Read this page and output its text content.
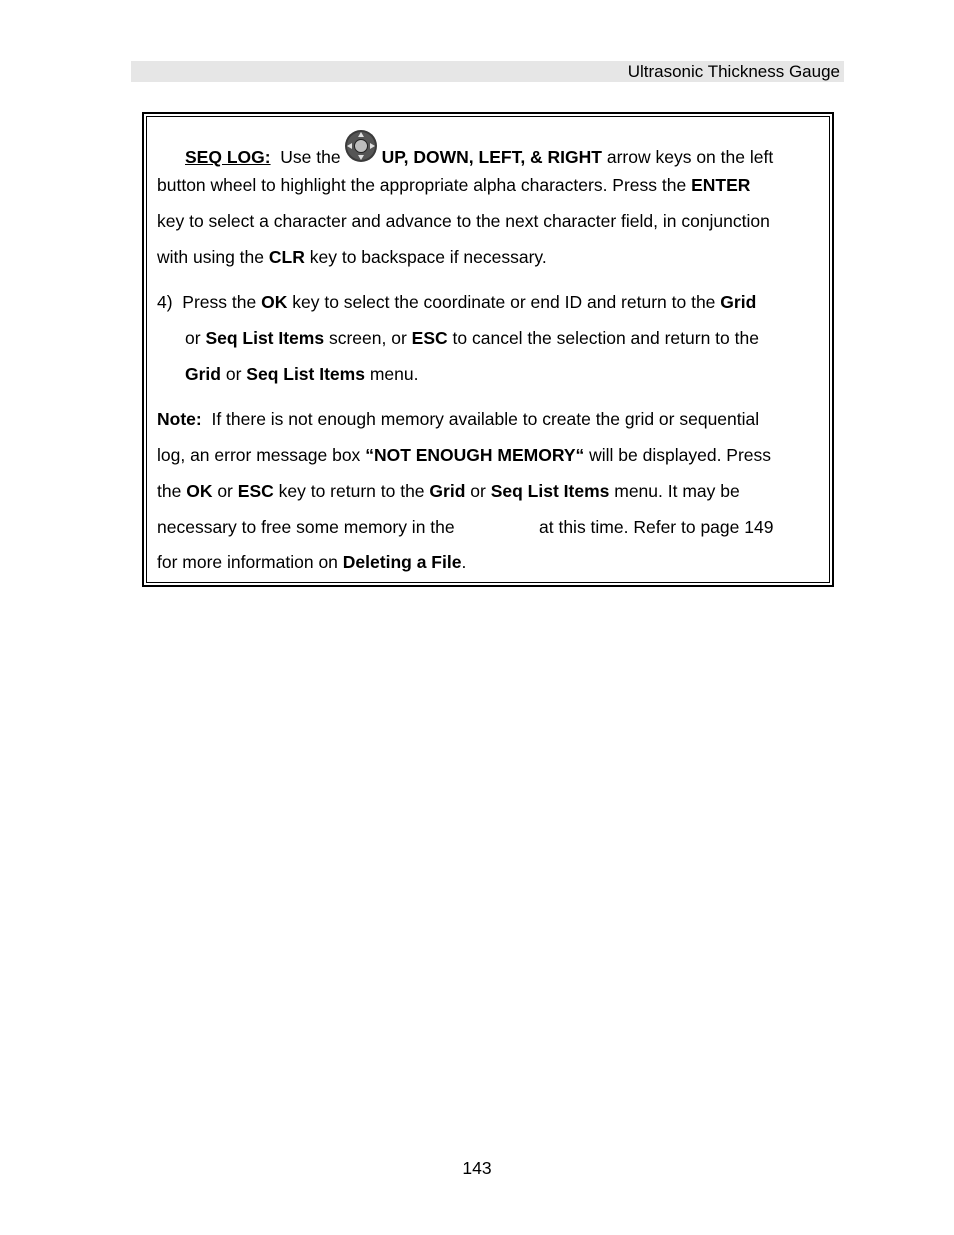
Ultrasonic Thickness Gauge
SEQ LOG: Use the UP, DOWN, LEFT, & RIGHT arrow keys on the left
button wheel to highlight the appropriate alpha characters. Press the ENTER
key to select a character and advance to the next character field, in conjunction
with using the CLR key to backspace if necessary.
4) Press the OK key to select the coordinate or end ID and return to the Grid
or Seq List Items screen, or ESC to cancel the selection and return to the
Grid or Seq List Items menu.
Note: If there is not enough memory available to create the grid or sequential
log, an error message box “NOT ENOUGH MEMORY“ will be displayed. Press
the OK or ESC key to return to the Grid or Seq List Items menu. It may be
necessary to free some memory in the	at this time. Refer to page 149
for more information on Deleting a File.
143
